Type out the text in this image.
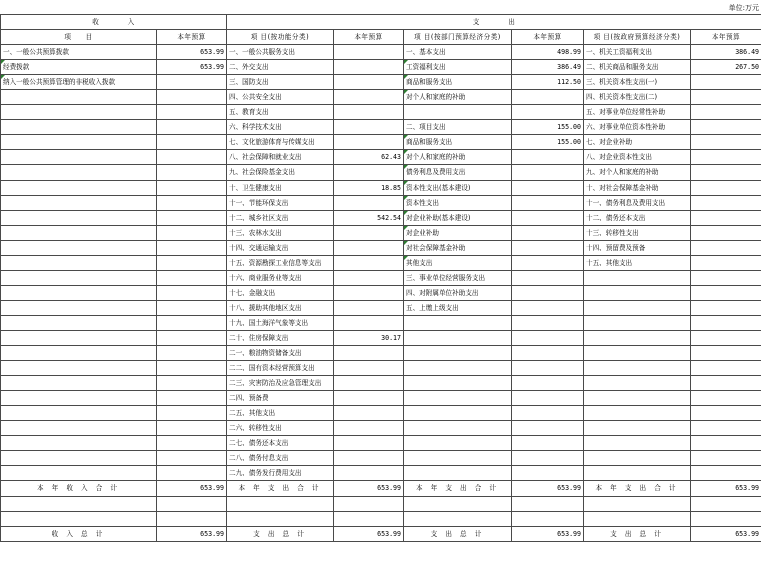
单位:万元
收　　　　入		支　　　　出					
项　　目	本年预算	项 目(按功能分类)	本年预算	项 目(按部门预算经济分类)	本年预算	项 目(按政府预算经济分类)	本年预算
一、一般公共预算拨款	653.99	一、一般公共服务支出		一、基本支出	498.99	一、机关工资福利支出	386.49
经费拨款	653.99	二、外交支出		工资福利支出	386.49	二、机关商品和服务支出	267.50
纳入一般公共预算管理的非税收入拨款		三、国防支出		商品和服务支出	112.50	三、机关资本性支出(一)	
		四、公共安全支出		对个人和家庭的补助		四、机关资本性支出(二)	
		五、教育支出				五、对事业单位经常性补助	
		六、科学技术支出		二、项目支出	155.00	六、对事业单位资本性补助	
		七、文化旅游体育与传媒支出		商品和服务支出	155.00	七、对企业补助	
		八、社会保障和就业支出	62.43	对个人和家庭的补助		八、对企业资本性支出	
		九、社会保险基金支出		债务利息及费用支出		九、对个人和家庭的补助	
		十、卫生健康支出	18.85	资本性支出(基本建设)		十、对社会保障基金补助	
		十一、节能环保支出		资本性支出		十一、债务利息及费用支出	
		十二、城乡社区支出	542.54	对企业补助(基本建设)		十二、债务还本支出	
		十三、农林水支出		对企业补助		十三、转移性支出	
		十四、交通运输支出		对社会保障基金补助		十四、预留费及预备	
		十五、资源勘探工业信息等支出		其他支出		十五、其他支出	
		十六、商业服务业等支出		三、事业单位经营服务支出			
		十七、金融支出		四、对附属单位补助支出			
		十八、援助其他地区支出		五、上缴上级支出			
		十九、国土海洋气象等支出					
		二十、住房保障支出	30.17				
		二一、粮油物资储备支出					
		二二、国有资本经营预算支出					
		二三、灾害防治及应急管理支出					
		二四、预备费					
		二五、其他支出					
		二六、转移性支出					
		二七、债务还本支出					
		二八、债务付息支出					
		二九、债务发行费用支出					
本 年 收 入 合 计	653.99	本 年 支 出 合 计	653.99	本 年 支 出 合 计	653.99	本 年 支 出 合 计	653.99

收 入 总 计	653.99	支 出 总 计	653.99	支 出 总 计	653.99	支 出 总 计	653.99
